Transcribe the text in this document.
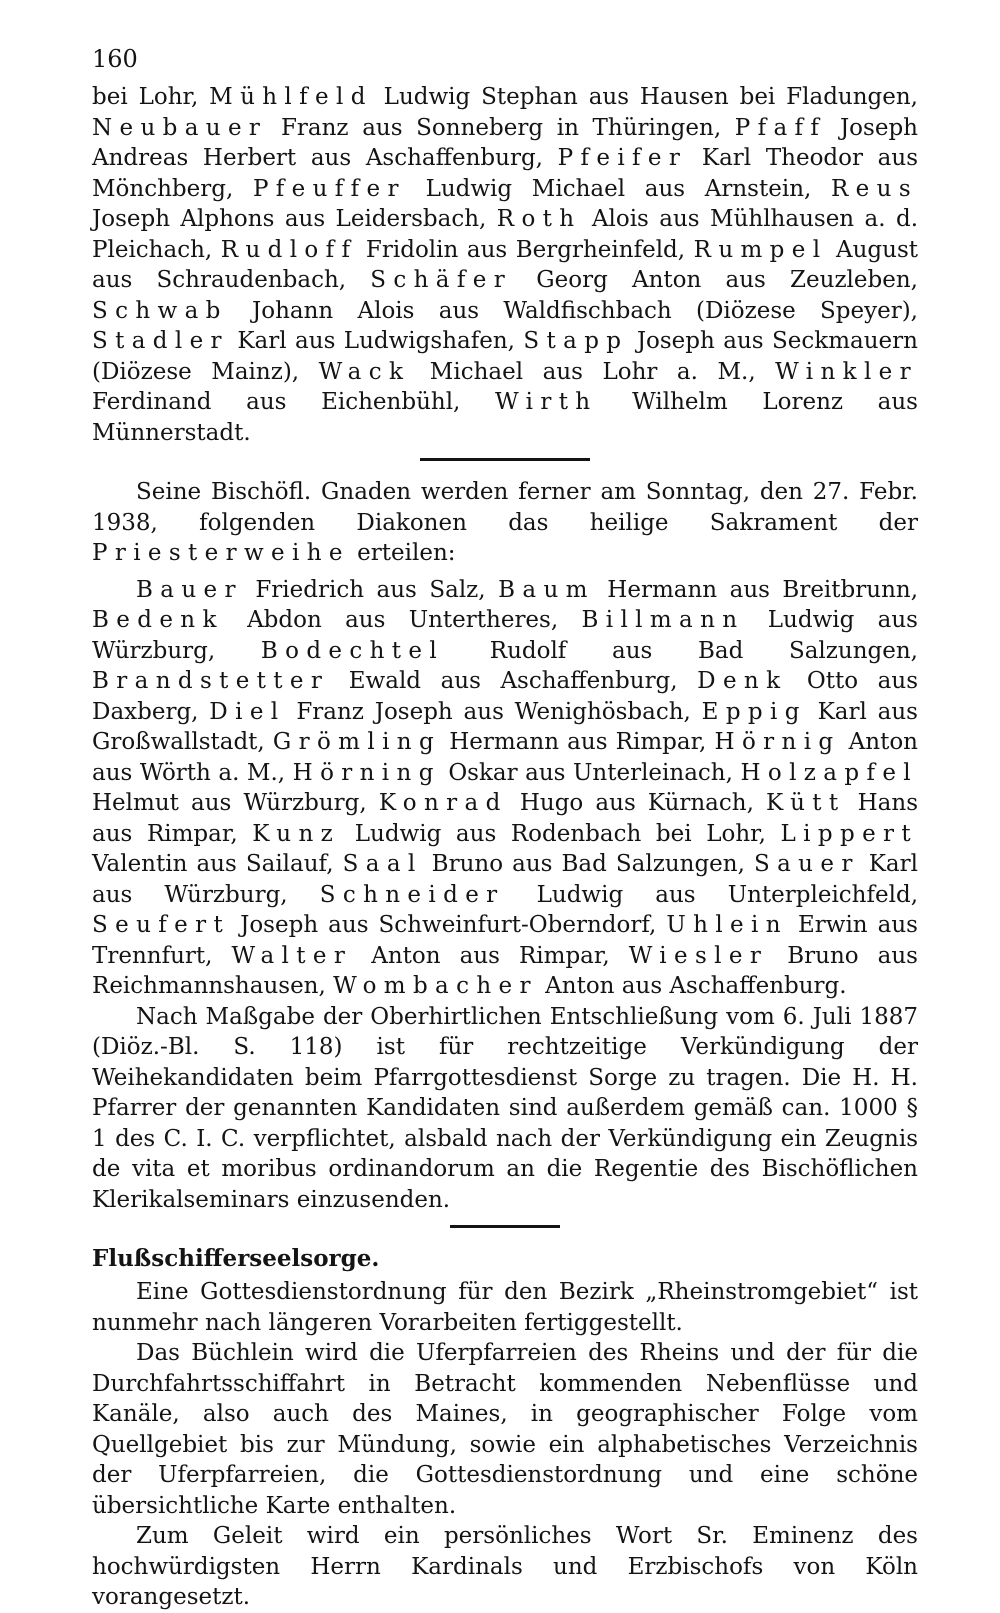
160

bei Lohr, Mühlfeld Ludwig Stephan aus Hausen bei Fladungen, Neubauer Franz aus Sonneberg in Thüringen, Pfaff Joseph Andreas Herbert aus Aschaffenburg, Pfeifer Karl Theodor aus Mönchberg, Pfeuffer Ludwig Michael aus Arnstein, Reus Joseph Alphons aus Leidersbach, Roth Alois aus Mühlhausen a. d. Pleichach, Rudloff Fridolin aus Bergrheinfeld, Rumpel August aus Schraudenbach, Schäfer Georg Anton aus Zeuzleben, Schwab Johann Alois aus Waldfischbach (Diözese Speyer), Stadler Karl aus Ludwigshafen, Stapp Joseph aus Seckmauern (Diözese Mainz), Wack Michael aus Lohr a. M., Winkler Ferdinand aus Eichenbühl, Wirth Wilhelm Lorenz aus Münnerstadt.

Seine Bischöfl. Gnaden werden ferner am Sonntag, den 27. Febr. 1938, folgenden Diakonen das heilige Sakrament der Priesterweihe erteilen:

Bauer Friedrich aus Salz, Baum Hermann aus Breitbrunn, Bedenk Abdon aus Untertheres, Billmann Ludwig aus Würzburg, Bodechtel Rudolf aus Bad Salzungen, Brandstetter Ewald aus Aschaffenburg, Denk Otto aus Daxberg, Diel Franz Joseph aus Wenighösbach, Eppig Karl aus Großwallstadt, Grömling Hermann aus Rimpar, Hörnig Anton aus Wörth a. M., Hörning Oskar aus Unterleinach, Holzapfel Helmut aus Würzburg, Konrad Hugo aus Kürnach, Kütt Hans aus Rimpar, Kunz Ludwig aus Rodenbach bei Lohr, Lippert Valentin aus Sailauf, Saal Bruno aus Bad Salzungen, Sauer Karl aus Würzburg, Schneider Ludwig aus Unterpleichfeld, Seufert Joseph aus Schweinfurt-Oberndorf, Uhlein Erwin aus Trennfurt, Walter Anton aus Rimpar, Wiesler Bruno aus Reichmannshausen, Wombacher Anton aus Aschaffenburg.

Nach Maßgabe der Oberhirtlichen Entschließung vom 6. Juli 1887 (Diöz.-Bl. S. 118) ist für rechtzeitige Verkündigung der Weihekandidaten beim Pfarrgottesdienst Sorge zu tragen. Die H. H. Pfarrer der genannten Kandidaten sind außerdem gemäß can. 1000 § 1 des C. I. C. verpflichtet, alsbald nach der Verkündigung ein Zeugnis de vita et moribus ordinandorum an die Regentie des Bischöflichen Klerikalseminars einzusenden.

Flußschifferseelsorge.

Eine Gottesdienstordnung für den Bezirk „Rheinstromgebiet“ ist nunmehr nach längeren Vorarbeiten fertiggestellt.

Das Büchlein wird die Uferpfarreien des Rheins und der für die Durchfahrtsschiffahrt in Betracht kommenden Nebenflüsse und Kanäle, also auch des Maines, in geographischer Folge vom Quellgebiet bis zur Mündung, sowie ein alphabetisches Verzeichnis der Uferpfarreien, die Gottesdienstordnung und eine schöne übersichtliche Karte enthalten.

Zum Geleit wird ein persönliches Wort Sr. Eminenz des hochwürdigsten Herrn Kardinals und Erzbischofs von Köln vorangesetzt.
